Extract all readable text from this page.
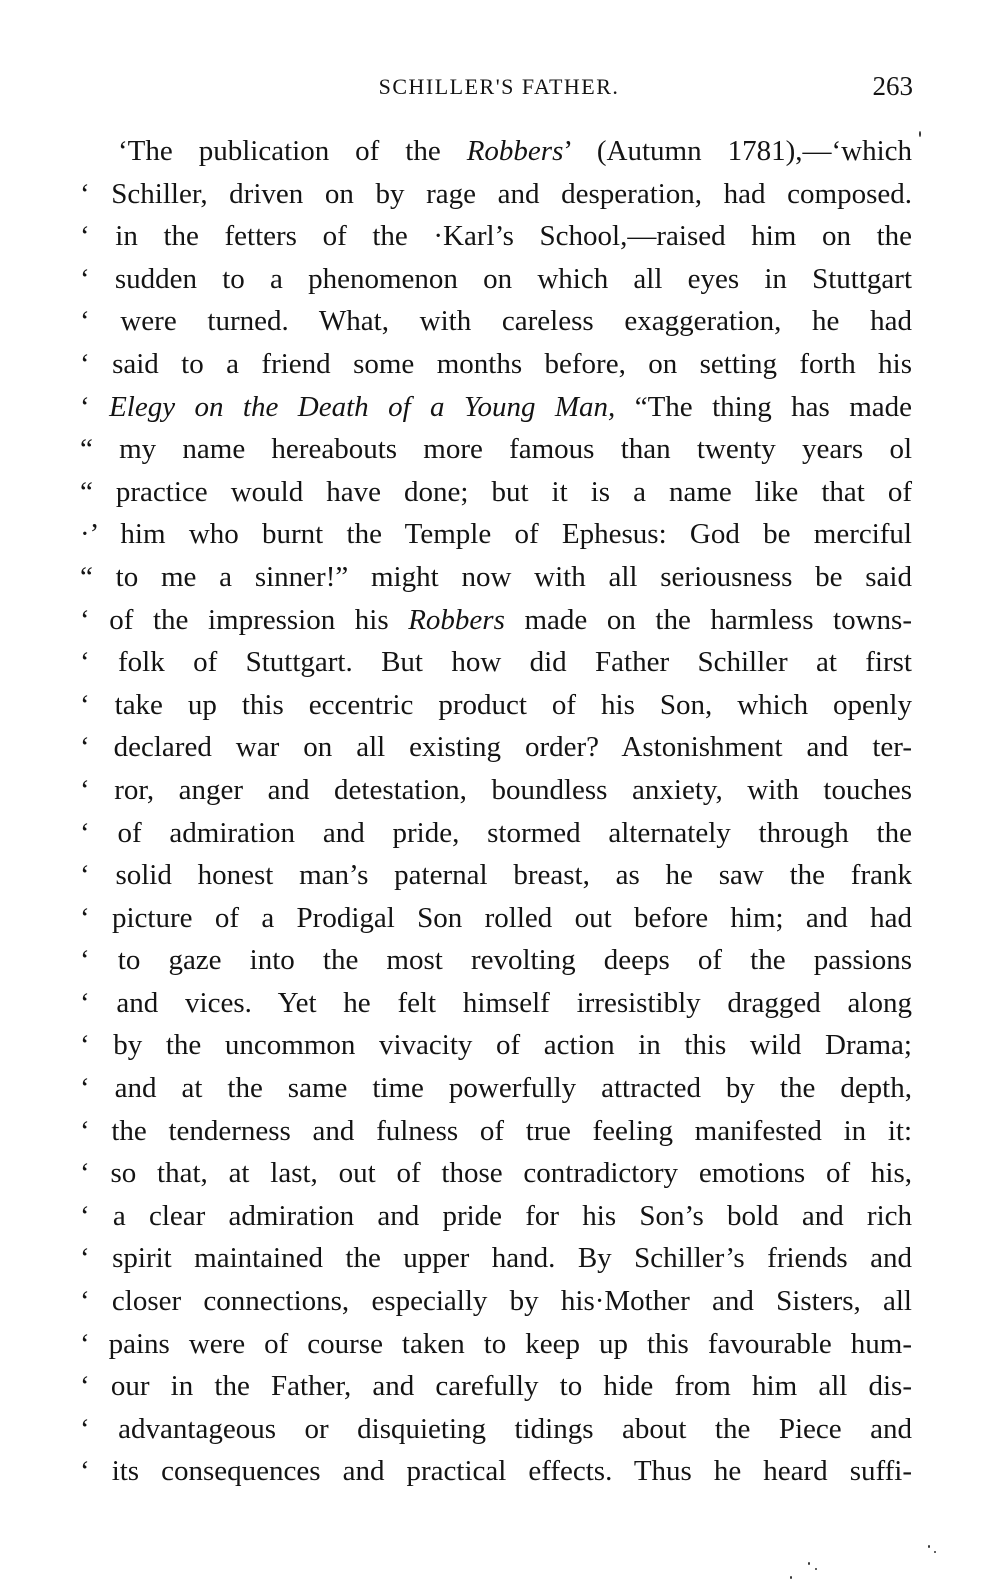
SCHILLER'S FATHER.	263
‘The publication of the Robbers’ (Autumn 1781),—‘which
‘ Schiller, driven on by rage and desperation, had composed.
‘ in the fetters of the ·Karl’s School,—raised him on the
‘ sudden to a phenomenon on which all eyes in Stuttgart
‘ were turned. What, with careless exaggeration, he had
‘ said to a friend some months before, on setting forth his
‘ Elegy on the Death of a Young Man, “The thing has made
“ my name hereabouts more famous than twenty years ol
“ practice would have done; but it is a name like that of
·’ him who burnt the Temple of Ephesus: God be merciful
“ to me a sinner!” might now with all seriousness be said
‘ of the impression his Robbers made on the harmless towns-
‘ folk of Stuttgart. But how did Father Schiller at first
‘ take up this eccentric product of his Son, which openly
‘ declared war on all existing order? Astonishment and ter-
‘ ror, anger and detestation, boundless anxiety, with touches
‘ of admiration and pride, stormed alternately through the
‘ solid honest man’s paternal breast, as he saw the frank
‘ picture of a Prodigal Son rolled out before him; and had
‘ to gaze into the most revolting deeps of the passions
‘ and vices. Yet he felt himself irresistibly dragged along
‘ by the uncommon vivacity of action in this wild Drama;
‘ and at the same time powerfully attracted by the depth,
‘ the tenderness and fulness of true feeling manifested in it:
‘ so that, at last, out of those contradictory emotions of his,
‘ a clear admiration and pride for his Son’s bold and rich
‘ spirit maintained the upper hand. By Schiller’s friends and
‘ closer connections, especially by his·Mother and Sisters, all
‘ pains were of course taken to keep up this favourable hum-
‘ our in the Father, and carefully to hide from him all dis-
‘ advantageous or disquieting tidings about the Piece and
‘ its consequences and practical effects. Thus he heard suffi-
